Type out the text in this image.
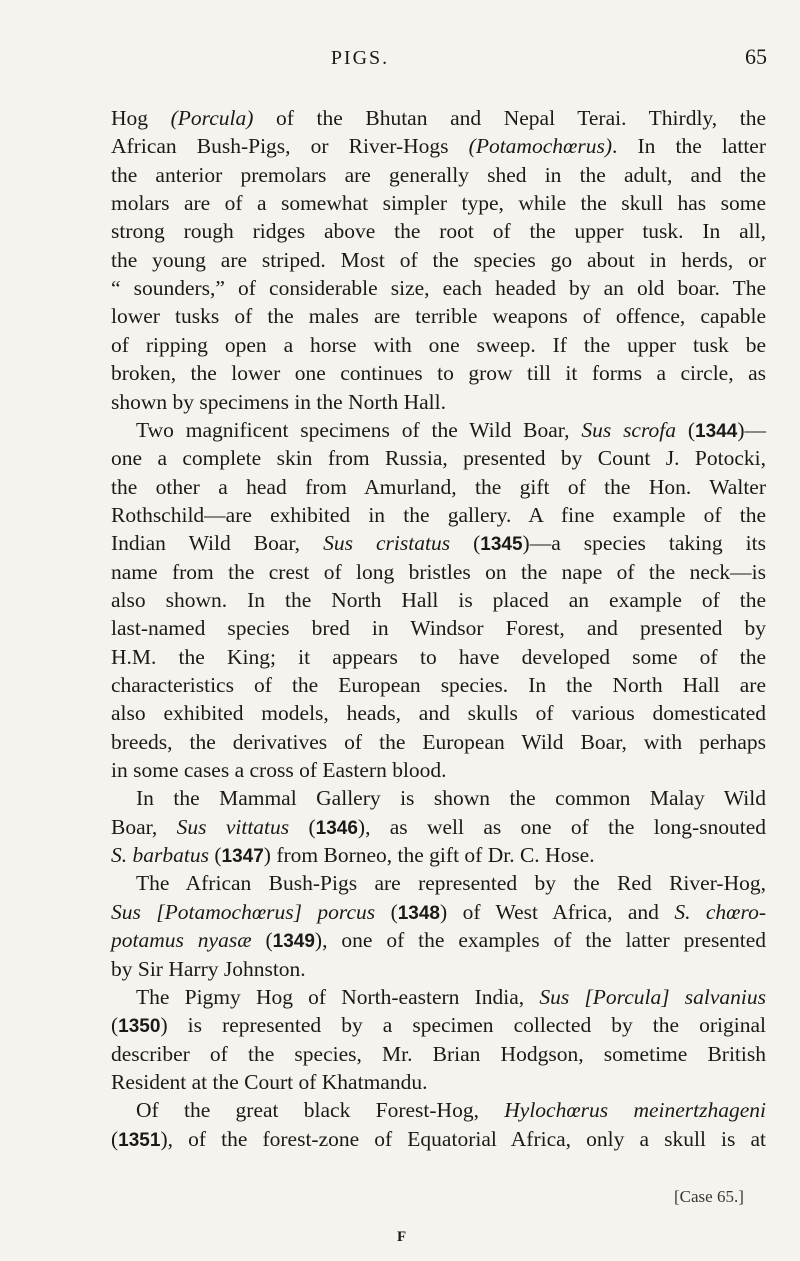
PIGS.	65
Hog (Porcula) of the Bhutan and Nepal Terai. Thirdly, the
African Bush-Pigs, or River-Hogs (Potamochœrus). In the latter
the anterior premolars are generally shed in the adult, and the
molars are of a somewhat simpler type, while the skull has some
strong rough ridges above the root of the upper tusk. In all,
the young are striped. Most of the species go about in herds, or
“ sounders,” of considerable size, each headed by an old boar. The
lower tusks of the males are terrible weapons of offence, capable
of ripping open a horse with one sweep. If the upper tusk be
broken, the lower one continues to grow till it forms a circle, as
shown by specimens in the North Hall.
Two magnificent specimens of the Wild Boar, Sus scrofa (1344)—
one a complete skin from Russia, presented by Count J. Potocki,
the other a head from Amurland, the gift of the Hon. Walter
Rothschild—are exhibited in the gallery. A fine example of the
Indian Wild Boar, Sus cristatus (1345)—a species taking its
name from the crest of long bristles on the nape of the neck—is
also shown. In the North Hall is placed an example of the
last-named species bred in Windsor Forest, and presented by
H.M. the King; it appears to have developed some of the
characteristics of the European species. In the North Hall are
also exhibited models, heads, and skulls of various domesticated
breeds, the derivatives of the European Wild Boar, with perhaps
in some cases a cross of Eastern blood.
In the Mammal Gallery is shown the common Malay Wild
Boar, Sus vittatus (1346), as well as one of the long-snouted
S. barbatus (1347) from Borneo, the gift of Dr. C. Hose.
The African Bush-Pigs are represented by the Red River-Hog,
Sus [Potamochœrus] porcus (1348) of West Africa, and S. chœro-
potamus nyasæ (1349), one of the examples of the latter presented
by Sir Harry Johnston.
The Pigmy Hog of North-eastern India, Sus [Porcula] salvanius
(1350) is represented by a specimen collected by the original
describer of the species, Mr. Brian Hodgson, sometime British
Resident at the Court of Khatmandu.
Of the great black Forest-Hog, Hylochœrus meinertzhageni
(1351), of the forest-zone of Equatorial Africa, only a skull is at
[Case 65.]
F
